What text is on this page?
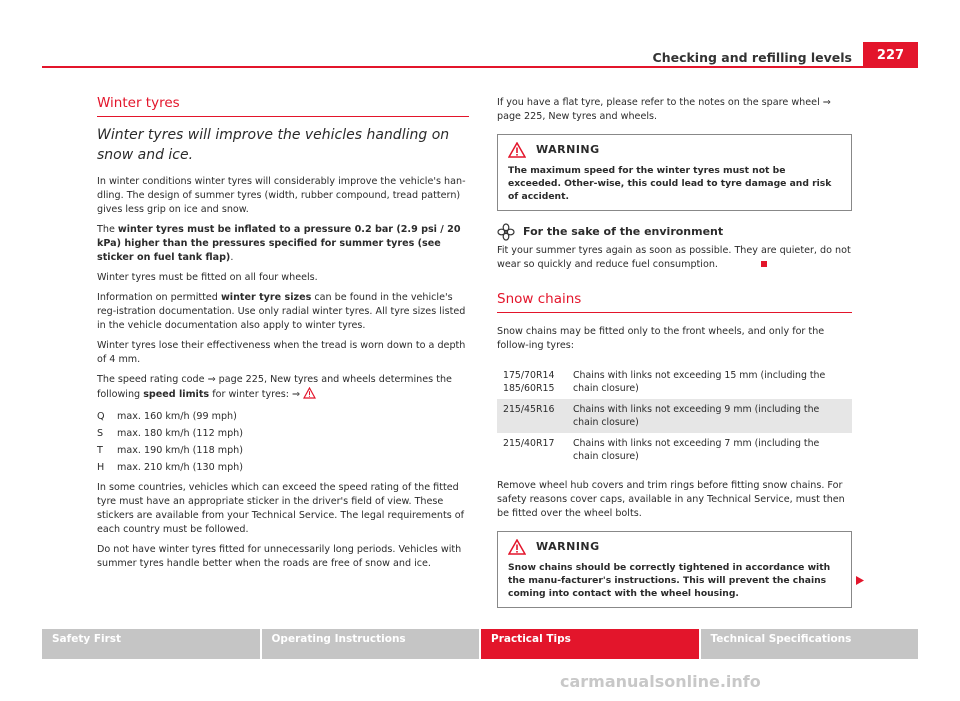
Checking and refilling levels	227
Winter tyres
Winter tyres will improve the vehicles handling on snow and ice.

In winter conditions winter tyres will considerably improve the vehicle's han-dling. The design of summer tyres (width, rubber compound, tread pattern) gives less grip on ice and snow.

The winter tyres must be inflated to a pressure 0.2 bar (2.9 psi / 20 kPa) higher than the pressures specified for summer tyres (see sticker on fuel tank flap).

Winter tyres must be fitted on all four wheels.

Information on permitted winter tyre sizes can be found in the vehicle's reg-istration documentation. Use only radial winter tyres. All tyre sizes listed in the vehicle documentation also apply to winter tyres.

Winter tyres lose their effectiveness when the tread is worn down to a depth of 4 mm.

The speed rating code ⇒ page 225, New tyres and wheels determines the following speed limits for winter tyres: ⇒

Q	max. 160 km/h (99 mph)
S	max. 180 km/h (112 mph)
T	max. 190 km/h (118 mph)
H	max. 210 km/h (130 mph)

In some countries, vehicles which can exceed the speed rating of the fitted tyre must have an appropriate sticker in the driver's field of view. These stickers are available from your Technical Service. The legal requirements of each country must be followed.

Do not have winter tyres fitted for unnecessarily long periods. Vehicles with summer tyres handle better when the roads are free of snow and ice.

If you have a flat tyre, please refer to the notes on the spare wheel ⇒ page 225, New tyres and wheels.

WARNING
The maximum speed for the winter tyres must not be exceeded. Other-wise, this could lead to tyre damage and risk of accident.
For the sake of the environment

Fit your summer tyres again as soon as possible. They are quieter, do not wear so quickly and reduce fuel consumption.

Snow chains

Snow chains may be fitted only to the front wheels, and only for the follow-ing tyres:

175/70R14
185/60R15	Chains with links not exceeding 15 mm (including the chain closure)

215/45R16	Chains with links not exceeding 9 mm (including the chain closure)

215/40R17	Chains with links not exceeding 7 mm (including the chain closure)

Remove wheel hub covers and trim rings before fitting snow chains. For safety reasons cover caps, available in any Technical Service, must then be fitted over the wheel bolts.

WARNING
Snow chains should be correctly tightened in accordance with the manu-facturer's instructions. This will prevent the chains coming into contact with the wheel housing.
Safety First	Operating Instructions	Practical Tips	Technical Specifications
carmanualsonline.info
